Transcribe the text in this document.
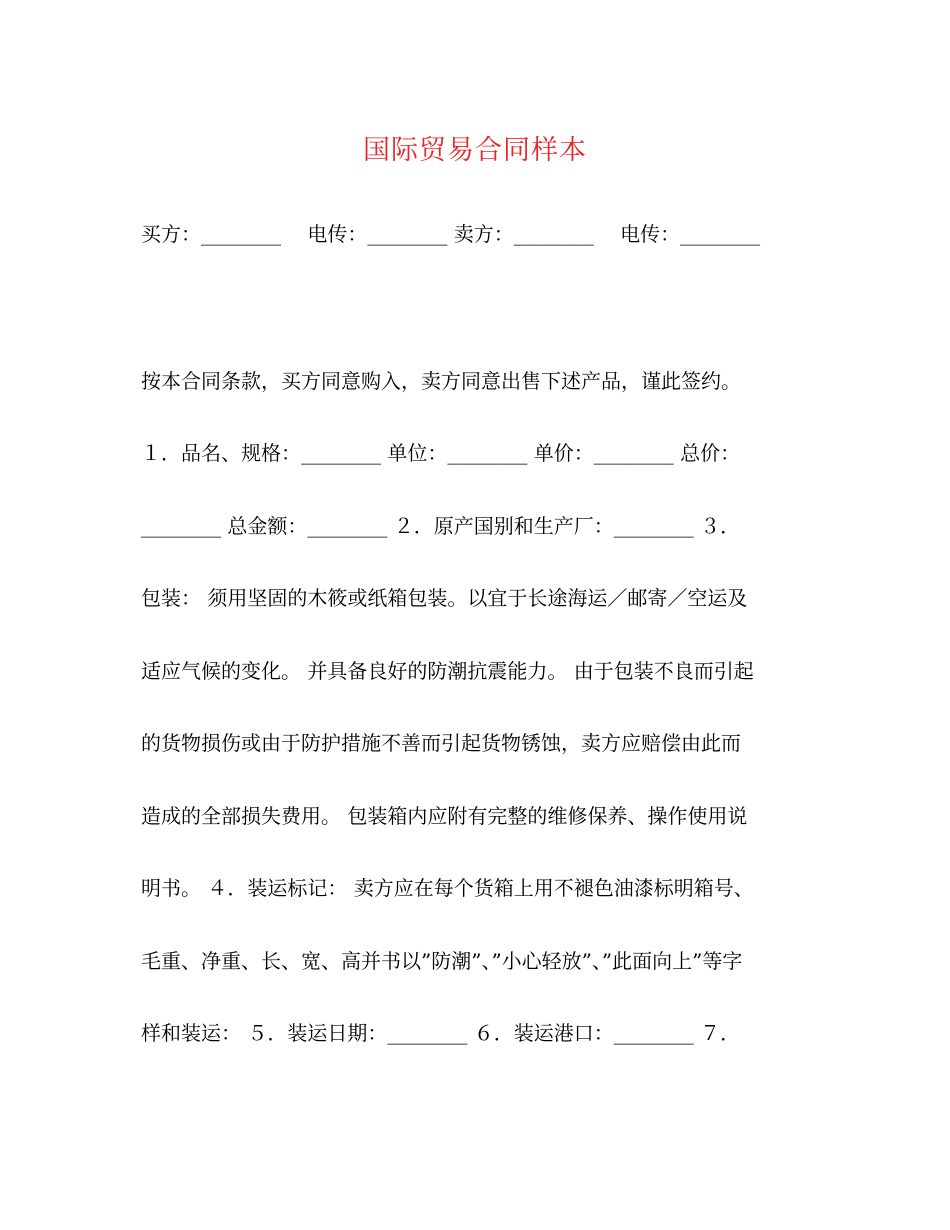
国际贸易合同样本
买方：________　 电传：________ 卖方：________　 电传：________
按本合同条款，买方同意购入，卖方同意出售下述产品，谨此签约。
１．品名、规格：________ 单位：________ 单价：________ 总价：
________ 总金额：________ ２．原产国别和生产厂：________ ３．
包装： 须用坚固的木筱或纸箱包装。以宜于长途海运／邮寄／空运及
适应气候的变化。 并具备良好的防潮抗震能力。 由于包装不良而引起
的货物损伤或由于防护措施不善而引起货物锈蚀，卖方应赔偿由此而
造成的全部损失费用。 包装箱内应附有完整的维修保养、操作使用说
明书。 ４．装运标记： 卖方应在每个货箱上用不褪色油漆标明箱号、
毛重、净重、长、宽、高并书以”防潮”、”小心轻放”、”此面向上”等字
样和装运： ５．装运日期：________ ６．装运港口：________ ７．
